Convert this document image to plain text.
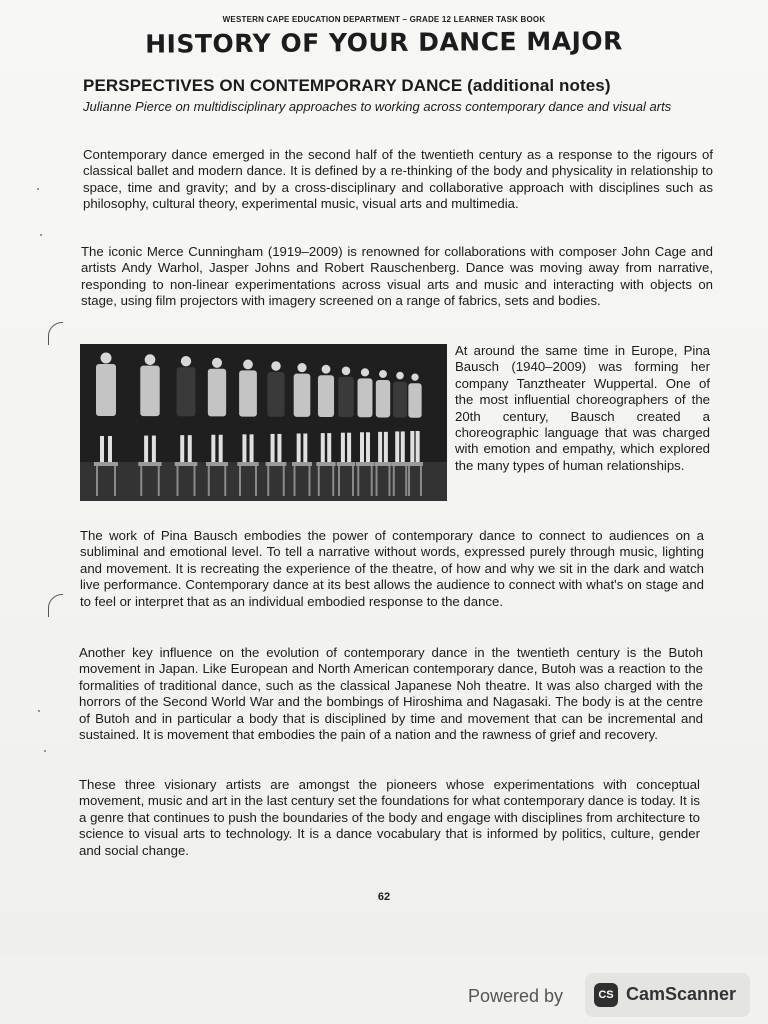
WESTERN CAPE EDUCATION DEPARTMENT – GRADE 12 LEARNER TASK BOOK
HISTORY OF YOUR DANCE MAJOR
PERSPECTIVES ON CONTEMPORARY DANCE (additional notes)
Julianne Pierce on multidisciplinary approaches to working across contemporary dance and visual arts
Contemporary dance emerged in the second half of the twentieth century as a response to the rigours of classical ballet and modern dance. It is defined by a re-thinking of the body and physicality in relationship to space, time and gravity; and by a cross-disciplinary and collaborative approach with disciplines such as philosophy, cultural theory, experimental music, visual arts and multimedia.
The iconic Merce Cunningham (1919–2009) is renowned for collaborations with composer John Cage and artists Andy Warhol, Jasper Johns and Robert Rauschenberg. Dance was moving away from narrative, responding to non-linear experimentations across visual arts and music and interacting with objects on stage, using film projectors with imagery screened on a range of fabrics, sets and bodies.
At around the same time in Europe, Pina Bausch (1940–2009) was forming her company Tanztheater Wuppertal. One of the most influential choreographers of the 20th century, Bausch created a choreographic language that was charged with emotion and empathy, which explored the many types of human relationships.
The work of Pina Bausch embodies the power of contemporary dance to connect to audiences on a subliminal and emotional level. To tell a narrative without words, expressed purely through music, lighting and movement. It is recreating the experience of the theatre, of how and why we sit in the dark and watch live performance. Contemporary dance at its best allows the audience to connect with what's on stage and to feel or interpret that as an individual embodied response to the dance.
Another key influence on the evolution of contemporary dance in the twentieth century is the Butoh movement in Japan. Like European and North American contemporary dance, Butoh was a reaction to the formalities of traditional dance, such as the classical Japanese Noh theatre. It was also charged with the horrors of the Second World War and the bombings of Hiroshima and Nagasaki. The body is at the centre of Butoh and in particular a body that is disciplined by time and movement that can be incremental and sustained. It is movement that embodies the pain of a nation and the rawness of grief and recovery.
These three visionary artists are amongst the pioneers whose experimentations with conceptual movement, music and art in the last century set the foundations for what contemporary dance is today. It is a genre that continues to push the boundaries of the body and engage with disciplines from architecture to science to visual arts to technology. It is a dance vocabulary that is informed by politics, culture, gender and social change.
62
Powered by	CS CamScanner
